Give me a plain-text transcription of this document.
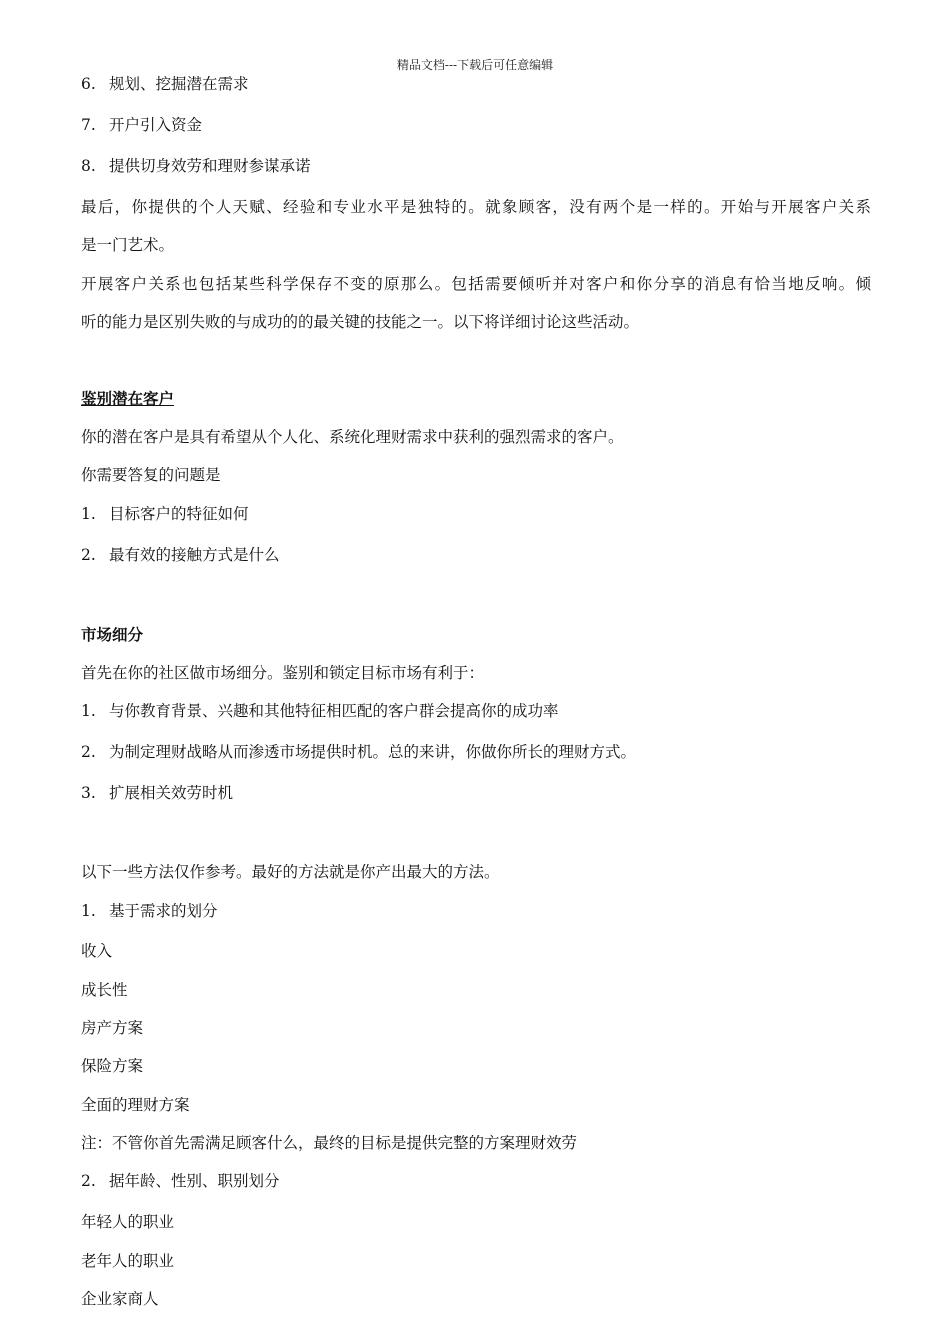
精品文档---下载后可任意编辑
6. 规划、挖掘潜在需求
7. 开户引入资金
8. 提供切身效劳和理财参谋承诺
最后，你提供的个人天赋、经验和专业水平是独特的。就象顾客，没有两个是一样的。开始与开展客户关系
是一门艺术。
开展客户关系也包括某些科学保存不变的原那么。包括需要倾听并对客户和你分享的消息有恰当地反响。倾
听的能力是区别失败的与成功的的最关键的技能之一。以下将详细讨论这些活动。
鉴别潜在客户
你的潜在客户是具有希望从个人化、系统化理财需求中获利的强烈需求的客户。
你需要答复的问题是
1. 目标客户的特征如何
2. 最有效的接触方式是什么
市场细分
首先在你的社区做市场细分。鉴别和锁定目标市场有利于：
1. 与你教育背景、兴趣和其他特征相匹配的客户群会提高你的成功率
2. 为制定理财战略从而渗透市场提供时机。总的来讲，你做你所长的理财方式。
3. 扩展相关效劳时机
以下一些方法仅作参考。最好的方法就是你产出最大的方法。
1. 基于需求的划分
收入
成长性
房产方案
保险方案
全面的理财方案
注：不管你首先需满足顾客什么，最终的目标是提供完整的方案理财效劳
2. 据年龄、性别、职别划分
年轻人的职业
老年人的职业
企业家商人
